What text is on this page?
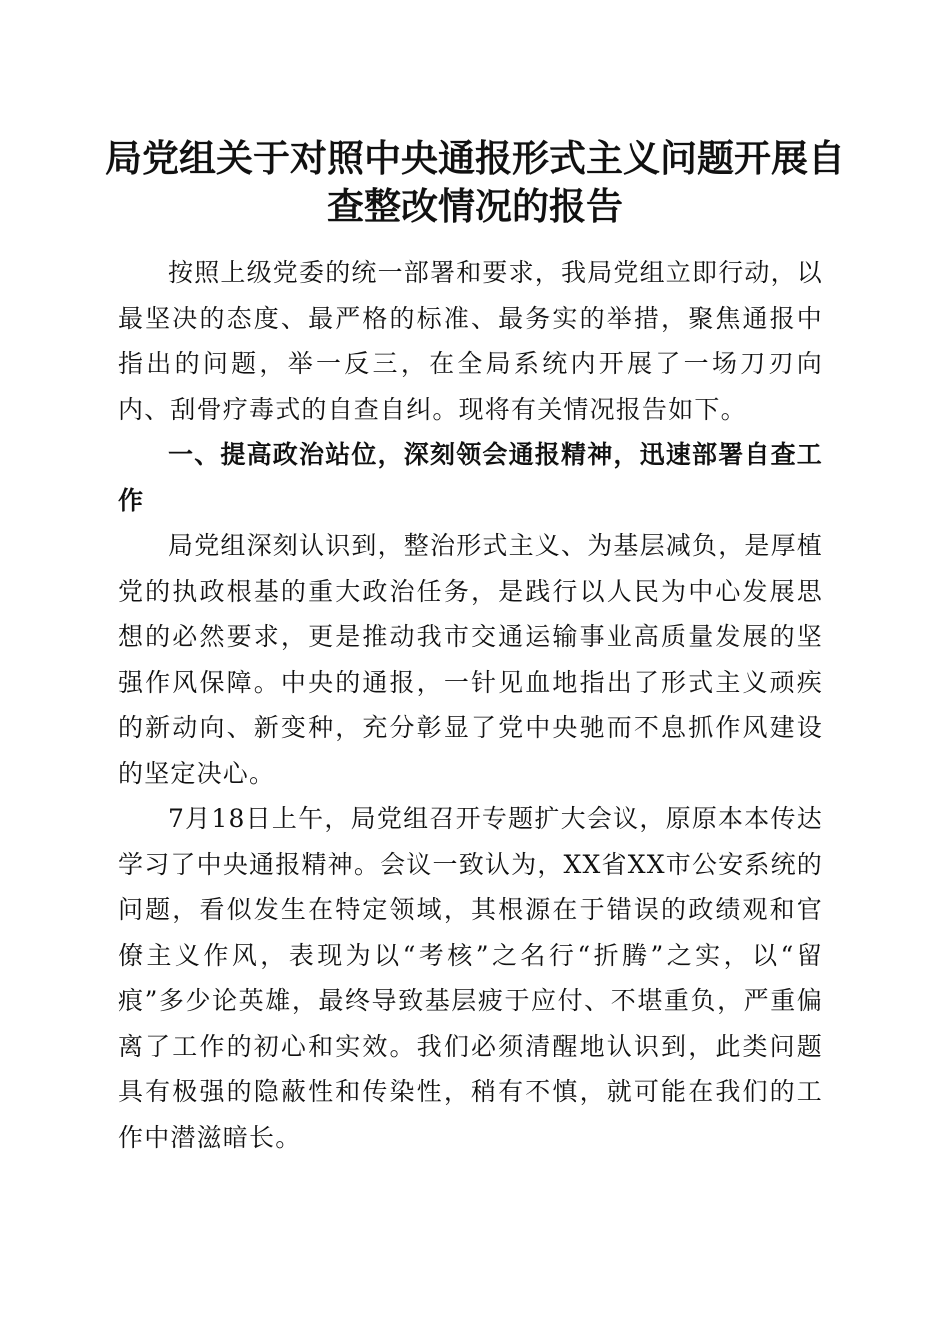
局党组关于对照中央通报形式主义问题开展自查整改情况的报告

按照上级党委的统一部署和要求，我局党组立即行动，以最坚决的态度、最严格的标准、最务实的举措，聚焦通报中指出的问题，举一反三，在全局系统内开展了一场刀刃向内、刮骨疗毒式的自查自纠。现将有关情况报告如下。

一、提高政治站位，深刻领会通报精神，迅速部署自查工作

局党组深刻认识到，整治形式主义、为基层减负，是厚植党的执政根基的重大政治任务，是践行以人民为中心发展思想的必然要求，更是推动我市交通运输事业高质量发展的坚强作风保障。中央的通报，一针见血地指出了形式主义顽疾的新动向、新变种，充分彰显了党中央驰而不息抓作风建设的坚定决心。

7月18日上午，局党组召开专题扩大会议，原原本本传达学习了中央通报精神。会议一致认为，XX省XX市公安系统的问题，看似发生在特定领域，其根源在于错误的政绩观和官僚主义作风，表现为以“考核”之名行“折腾”之实，以“留痕”多少论英雄，最终导致基层疲于应付、不堪重负，严重偏离了工作的初心和实效。我们必须清醒地认识到，此类问题具有极强的隐蔽性和传染性，稍有不慎，就可能在我们的工作中潜滋暗长。
